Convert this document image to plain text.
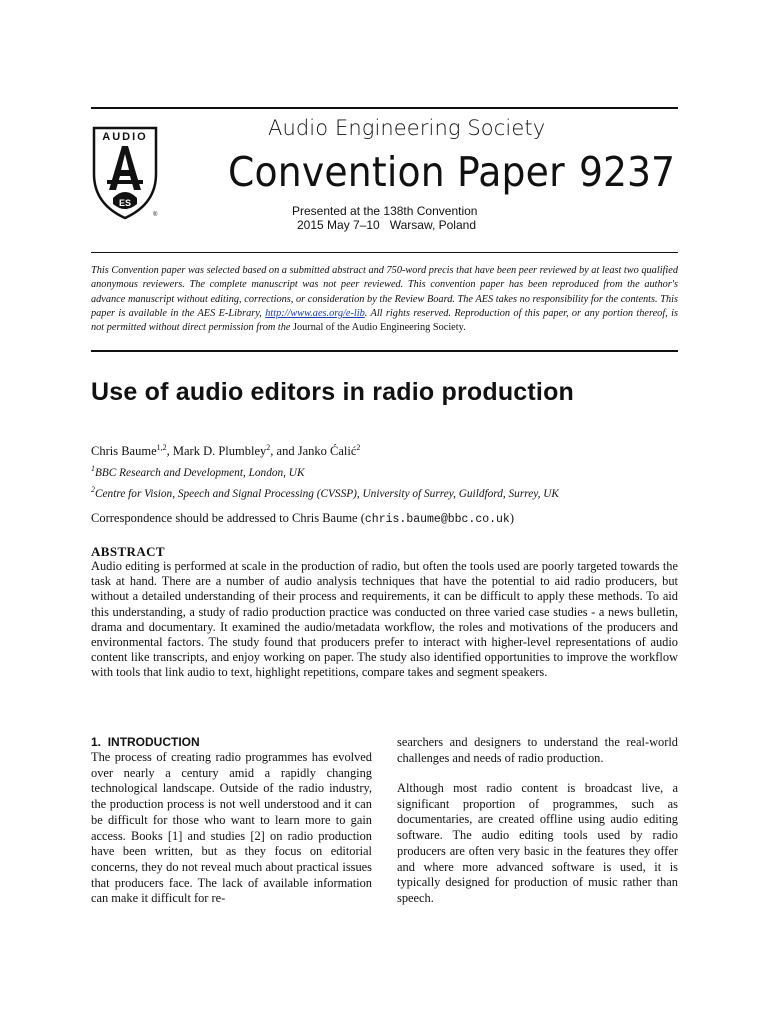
AUDIO
ES
®
Audio Engineering Society
Convention Paper 9237
Presented at the 138th Convention
2015 May 7–10   Warsaw, Poland
This Convention paper was selected based on a submitted abstract and 750-word precis that have been peer reviewed by at least two qualified anonymous reviewers. The complete manuscript was not peer reviewed. This convention paper has been reproduced from the author's advance manuscript without editing, corrections, or consideration by the Review Board. The AES takes no responsibility for the contents. This paper is available in the AES E-Library, http://www.aes.org/e-lib. All rights reserved. Reproduction of this paper, or any portion thereof, is not permitted without direct permission from the Journal of the Audio Engineering Society.
Use of audio editors in radio production
Chris Baume$^{1,2}$, Mark D. Plumbley$^2$, and Janko Ćalić$^2$
$^1$BBC Research and Development, London, UK
$^2$Centre for Vision, Speech and Signal Processing (CVSSP), University of Surrey, Guildford, Surrey, UK
Correspondence should be addressed to Chris Baume (chris.baume@bbc.co.uk)
ABSTRACT
Audio editing is performed at scale in the production of radio, but often the tools used are poorly targeted towards the task at hand. There are a number of audio analysis techniques that have the potential to aid radio producers, but without a detailed understanding of their process and requirements, it can be difficult to apply these methods. To aid this understanding, a study of radio production practice was conducted on three varied case studies - a news bulletin, drama and documentary. It examined the audio/metadata workflow, the roles and motivations of the producers and environmental factors. The study found that producers prefer to interact with higher-level representations of audio content like transcripts, and enjoy working on paper. The study also identified opportunities to improve the workflow with tools that link audio to text, highlight repetitions, compare takes and segment speakers.
1. INTRODUCTION
The process of creating radio programmes has evolved over nearly a century amid a rapidly changing technological landscape. Outside of the radio industry, the production process is not well understood and it can be difficult for those who want to learn more to gain access. Books [1] and studies [2] on radio production have been written, but as they focus on editorial concerns, they do not reveal much about practical issues that producers face. The lack of available information can make it difficult for re-
searchers and designers to understand the real-world challenges and needs of radio production.
Although most radio content is broadcast live, a significant proportion of programmes, such as documentaries, are created offline using audio editing software. The audio editing tools used by radio producers are often very basic in the features they offer and where more advanced software is used, it is typically designed for production of music rather than speech.
